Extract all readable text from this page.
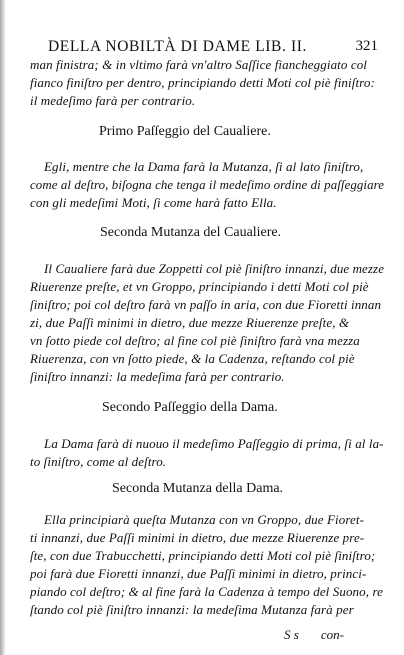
DELLA NOBILTÀ DI DAME LIB. II.	321
man finistra; & in vltimo farà vn'altro Saſſice fiancheggiato col
fianco finiſtro per dentro, principiando detti Moti col piè finiſtro:
il medeſimo farà per contrario.
Primo Paſſeggio del Caualiere.
Egli, mentre che la Dama farà la Mutanza, ſi al lato ſiniſtro,
come al deſtro, biſogna che tenga il medeſimo ordine di paſſeggiare
con gli medeſimi Moti, ſi come harà fatto Ella.
Seconda Mutanza del Caualiere.
Il Caualiere farà due Zoppetti col piè ſiniſtro innanzi, due mezze
Riuerenze preſte, et vn Groppo, principiando i detti Moti col piè
ſiniſtro; poi col deſtro farà vn paſſo in aria, con due Fioretti innan
zi, due Paſſi minimi in dietro, due mezze Riuerenze preſte, &
vn ſotto piede col deſtro; al fine col piè ſiniſtro farà vna mezza
Riuerenza, con vn ſotto piede, & la Cadenza, reſtando col piè
ſiniſtro innanzi: la medeſima farà per contrario.
Secondo Paſſeggio della Dama.
La Dama farà di nuouo il medeſimo Paſſeggio di prima, ſi al la-
to ſiniſtro, come al deſtro.
Seconda Mutanza della Dama.
Ella principiarà queſta Mutanza con vn Groppo, due Fioret-
ti innanzi, due Paſſi minimi in dietro, due mezze Riuerenze pre-
ſte, con due Trabucchetti, principiando detti Moti col piè ſiniſtro;
poi farà due Fioretti innanzi, due Paſſi minimi in dietro, princi-
piando col deſtro; & al fine farà la Cadenza à tempo del Suono, re
ſtando col piè ſiniſtro innanzi: la medeſima Mutanza farà per
S s con-
